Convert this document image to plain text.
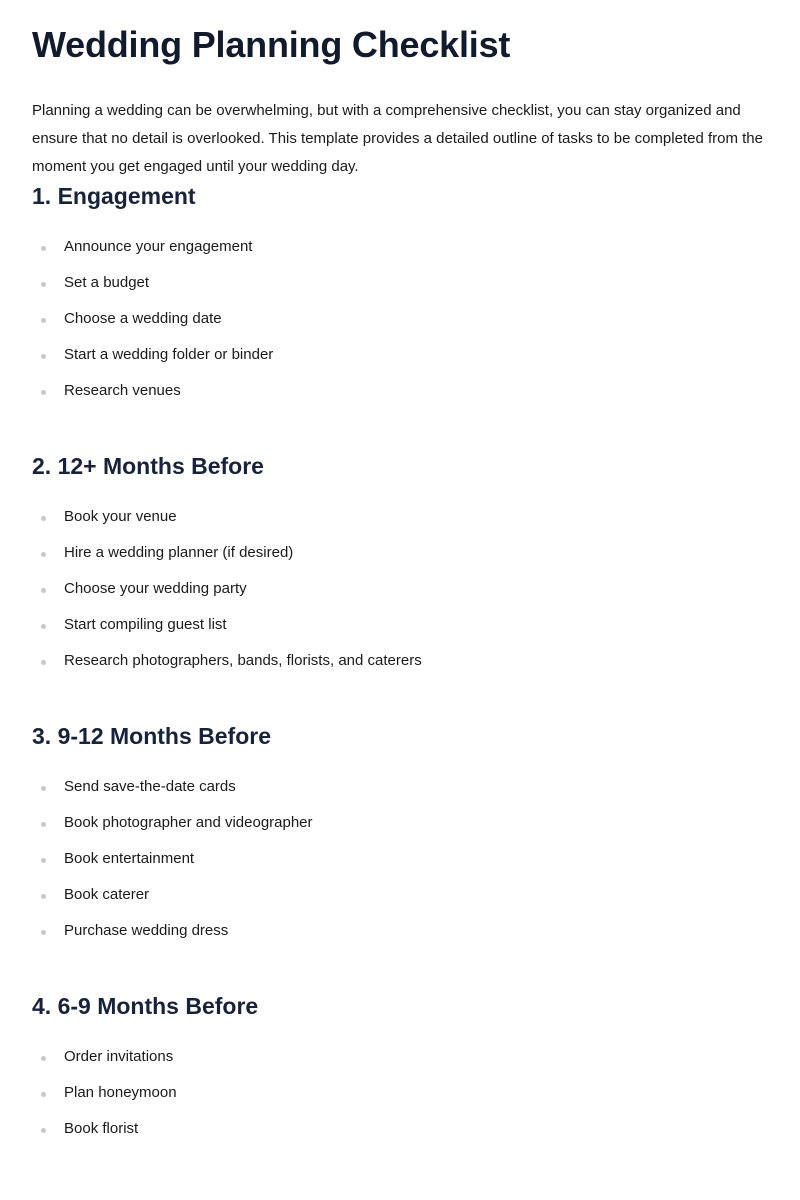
Wedding Planning Checklist

Planning a wedding can be overwhelming, but with a comprehensive checklist, you can stay organized and ensure that no detail is overlooked. This template provides a detailed outline of tasks to be completed from the moment you get engaged until your wedding day.

1. Engagement
Announce your engagement
Set a budget
Choose a wedding date
Start a wedding folder or binder
Research venues
2. 12+ Months Before
Book your venue
Hire a wedding planner (if desired)
Choose your wedding party
Start compiling guest list
Research photographers, bands, florists, and caterers
3. 9-12 Months Before
Send save-the-date cards
Book photographer and videographer
Book entertainment
Book caterer
Purchase wedding dress
4. 6-9 Months Before
Order invitations
Plan honeymoon
Book florist
